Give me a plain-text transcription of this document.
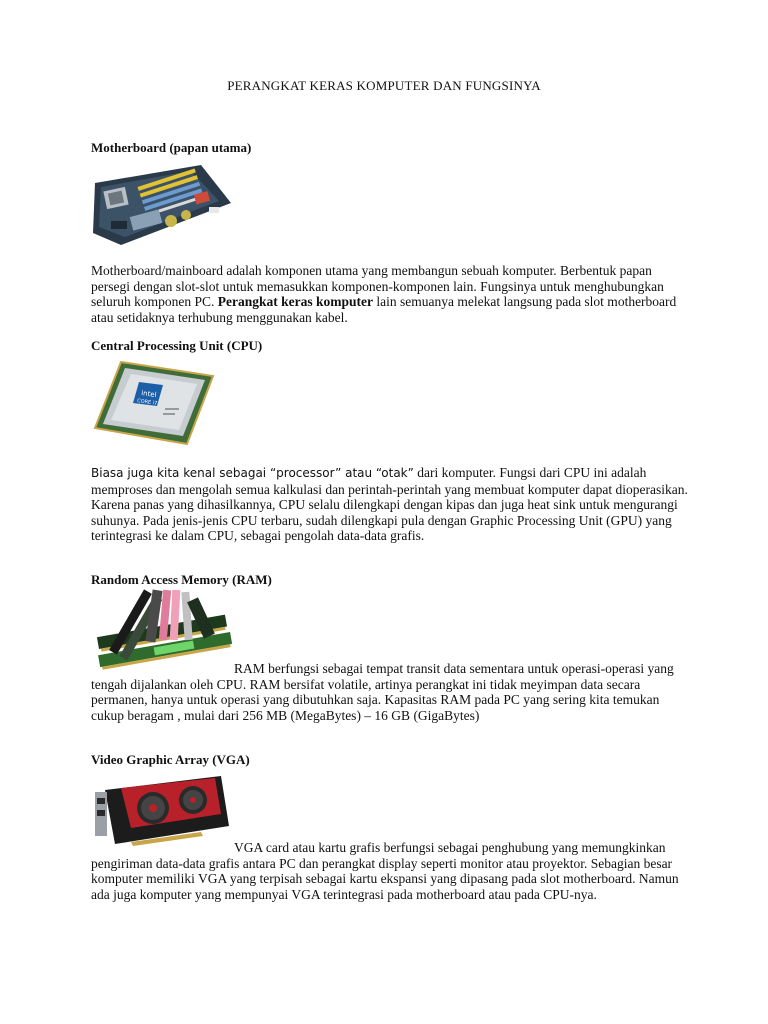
PERANGKAT KERAS KOMPUTER DAN FUNGSINYA
Motherboard (papan utama)

Motherboard/mainboard adalah komponen utama yang membangun sebuah komputer. Berbentuk papan persegi dengan slot-slot untuk memasukkan komponen-komponen lain. Fungsinya untuk menghubungkan seluruh komponen PC. Perangkat keras komputer lain semuanya melekat langsung pada slot motherboard atau setidaknya terhubung menggunakan kabel.

Central Processing Unit (CPU)
intel
CORE i7

Biasa juga kita kenal sebagai “processor” atau “otak” dari komputer. Fungsi dari CPU ini adalah memproses dan mengolah semua kalkulasi dan perintah-perintah yang membuat komputer dapat dioperasikan. Karena panas yang dihasilkannya, CPU selalu dilengkapi dengan kipas dan juga heat sink untuk mengurangi suhunya. Pada jenis-jenis CPU terbaru, sudah dilengkapi pula dengan Graphic Processing Unit (GPU) yang terintegrasi ke dalam CPU, sebagai pengolah data-data grafis.

Random Access Memory (RAM)

RAM berfungsi sebagai tempat transit data sementara untuk operasi-operasi yang tengah dijalankan oleh CPU. RAM bersifat volatile, artinya perangkat ini tidak meyimpan data secara permanen, hanya untuk operasi yang dibutuhkan saja. Kapasitas RAM pada PC yang sering kita temukan cukup beragam , mulai dari 256 MB (MegaBytes) – 16 GB (GigaBytes)

Video Graphic Array (VGA)

VGA card atau kartu grafis berfungsi sebagai penghubung yang memungkinkan pengiriman data-data grafis antara PC dan perangkat display seperti monitor atau proyektor. Sebagian besar komputer memiliki VGA yang terpisah sebagai kartu ekspansi yang dipasang pada slot motherboard. Namun ada juga komputer yang mempunyai VGA terintegrasi pada motherboard atau pada CPU-nya.
